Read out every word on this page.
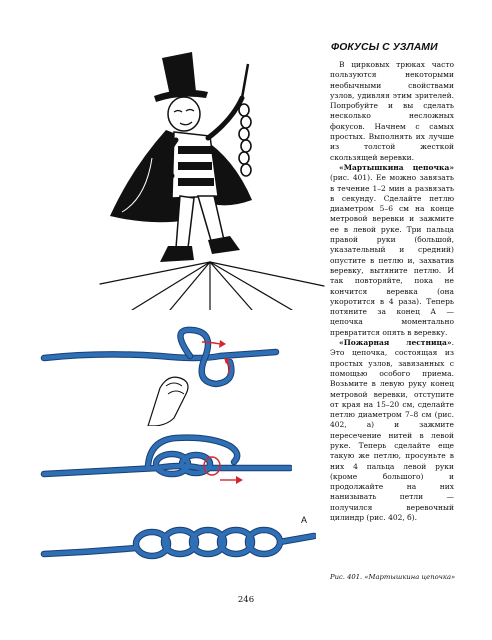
А
ФОКУСЫ С УЗЛАМИ

В цирковых трюках часто пользуются некоторыми необычными свойствами узлов, удивляя этим зрителей. Попробуйте и вы сделать несколько несложных фокусов. Начнем с самых простых. Выполнять их лучше из толстой жесткой скользящей веревки.

«Мартышкина цепочка» (рис. 401). Ее можно завязать в течение 1–2 мин а развязать в секунду. Сделайте петлю диаметром 5–6 см на конце метровой веревки и зажмите ее в левой руке. Три пальца правой руки (большой, указательный и средний) опустите в петлю и, захватив веревку, вытяните петлю. И так повторяйте, пока не кончится веревка (она укоротится в 4 раза). Теперь потяните за конец А — цепочка моментально превратится опять в веревку.

«Пожарная лестница». Это цепочка, состоящая из простых узлов, завязанных с помощью особого приема. Возьмите в левую руку конец метровой веревки, отступите от края на 15–20 см, сделайте петлю диаметром 7–8 см (рис. 402, а) и зажмите пересечение нитей в левой руке. Теперь сделайте еще такую же петлю, просуньте в них 4 пальца левой руки (кроме большого) и продолжайте на них нанизывать петли — получился веревочный цилиндр (рис. 402, б).

Рис. 401. «Мартышкина цепочка»
246
